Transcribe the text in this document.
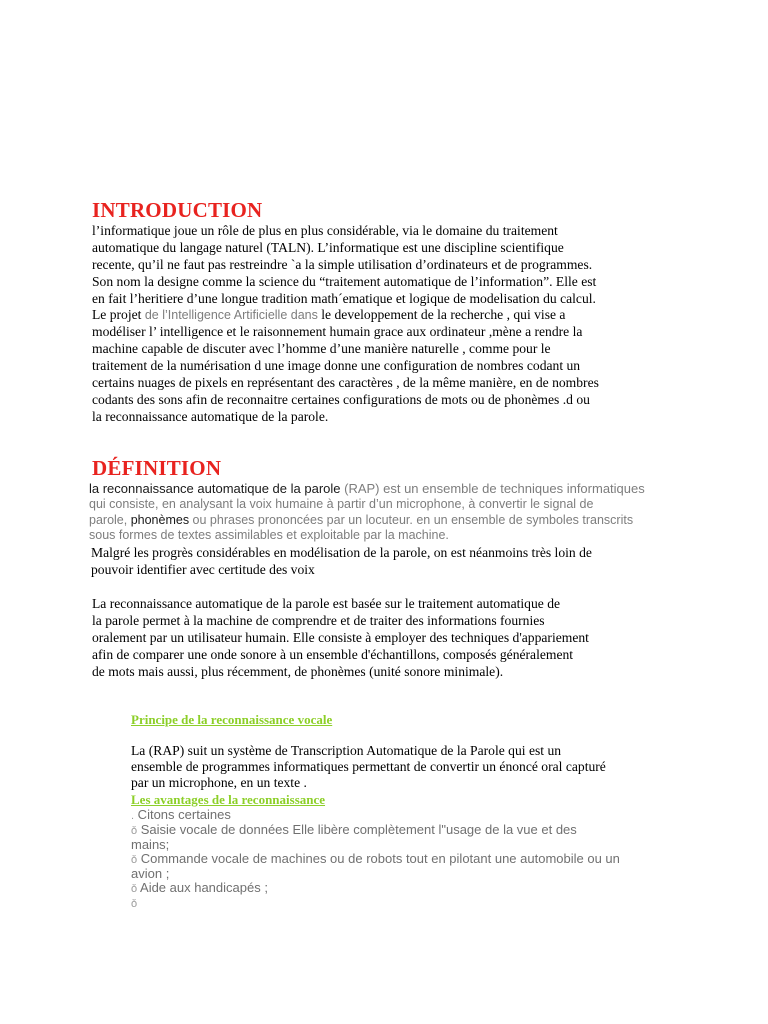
INTRODUCTION
l’informatique joue un rôle de plus en plus considérable, via le domaine du traitement
automatique du langage naturel (TALN). L’informatique est une discipline scientifique
recente, qu’il ne faut pas restreindre `a la simple utilisation d’ordinateurs et de programmes.
Son nom la designe comme la science du “traitement automatique de l’information”. Elle est
en fait l’heritiere d’une longue tradition math´ematique et logique de modelisation du calcul.
Le projet de l’Intelligence Artificielle dans le developpement de la recherche , qui vise a
modéliser l’ intelligence et le raisonnement humain grace aux ordinateur ,mène a rendre la
machine capable de discuter avec l’homme d’une manière naturelle , comme pour le
traitement de la numérisation d une image donne une configuration de nombres codant un
certains nuages de pixels en représentant des caractères , de la même manière, en de nombres
codants des sons afin de reconnaitre certaines configurations de mots ou de phonèmes .d ou
la reconnaissance automatique de la parole.
DÉFINITION
la reconnaissance automatique de la parole (RAP) est un ensemble de techniques informatiques
qui consiste, en analysant la voix humaine à partir d’un microphone, à convertir le signal de
parole, phonèmes ou phrases prononcées par un locuteur. en un ensemble de symboles transcrits
sous formes de textes assimilables et exploitable par la machine.
Malgré les progrès considérables en modélisation de la parole, on est néanmoins très loin de
pouvoir identifier avec certitude des voix
La reconnaissance automatique de la parole est basée sur le traitement automatique de
la parole permet à la machine de comprendre et de traiter des informations fournies
oralement par un utilisateur humain. Elle consiste à employer des techniques d'appariement
afin de comparer une onde sonore à un ensemble d'échantillons, composés généralement
de mots mais aussi, plus récemment, de phonèmes (unité sonore minimale).
Principe de la reconnaissance vocale
La (RAP) suit un système de Transcription Automatique de la Parole qui est un
ensemble de programmes informatiques permettant de convertir un énoncé oral capturé
par un microphone, en un texte .
Les avantages de la reconnaissance
. Citons certaines
ǒ Saisie vocale de données Elle libère complètement l"usage de la vue et des
mains;
ǒ Commande vocale de machines ou de robots tout en pilotant une automobile ou un
avion ;
ǒ Aide aux handicapés ;
ǒ
